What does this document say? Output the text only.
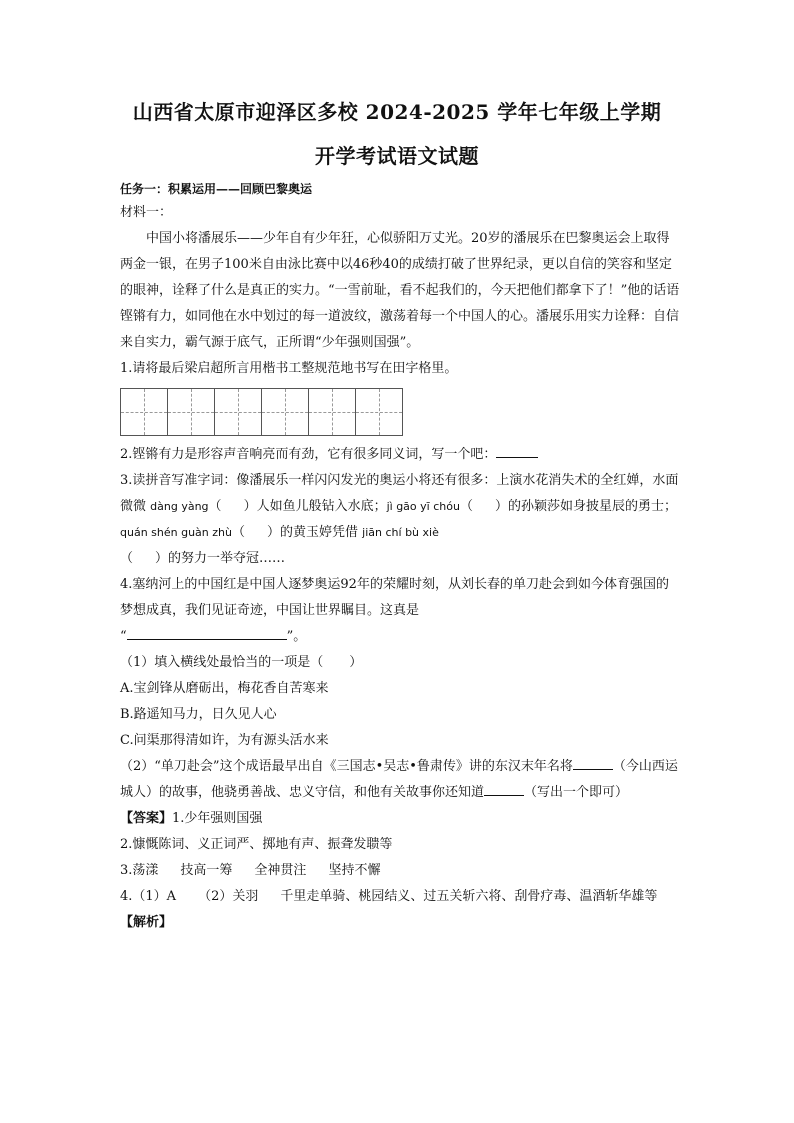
山西省太原市迎泽区多校 2024-2025 学年七年级上学期
开学考试语文试题

任务一：积累运用——回顾巴黎奥运

材料一：

中国小将潘展乐——少年自有少年狂，心似骄阳万丈光。20岁的潘展乐在巴黎奥运会上取得两金一银，在男子100米自由泳比赛中以46秒40的成绩打破了世界纪录，更以自信的笑容和坚定的眼神，诠释了什么是真正的实力。“一雪前耻，看不起我们的，今天把他们都拿下了！”他的话语铿锵有力，如同他在水中划过的每一道波纹，激荡着每一个中国人的心。潘展乐用实力诠释：自信来自实力，霸气源于底气，正所谓“少年强则国强”。

1.请将最后梁启超所言用楷书工整规范地书写在田字格里。

2.铿锵有力是形容声音响亮而有劲，它有很多同义词，写一个吧：

3.读拼音写准字词：像潘展乐一样闪闪发光的奥运小将还有很多：上演水花消失术的全红婵，水面微微 dàng yàng（ ）人如鱼儿般钻入水底；jì gāo yī chóu（ ）的孙颖莎如身披星辰的勇士；quán shén guàn zhù（ ）的黄玉婷凭借 jiān chí bù xiè
（ ）的努力一举夺冠……

4.塞纳河上的中国红是中国人逐梦奥运92年的荣耀时刻，从刘长春的单刀赴会到如今体育强国的梦想成真，我们见证奇迹，中国让世界瞩目。这真是
“	”。

（1）填入横线处最恰当的一项是（　　）

A.宝剑锋从磨砺出，梅花香自苦寒来

B.路遥知马力，日久见人心

C.问渠那得清如许，为有源头活水来

（2）“单刀赴会”这个成语最早出自《三国志•吴志•鲁肃传》讲的东汉末年名将	（今山西运城人）的故事，他骁勇善战、忠义守信，和他有关故事你还知道	（写出一个即可）

【答案】1.少年强则国强

2.慷慨陈词、义正词严、掷地有声、振聋发聩等

3.荡漾 技高一筹 全神贯注 坚持不懈

4.（1）A （2）关羽 千里走单骑、桃园结义、过五关斩六将、刮骨疗毒、温酒斩华雄等

【解析】
